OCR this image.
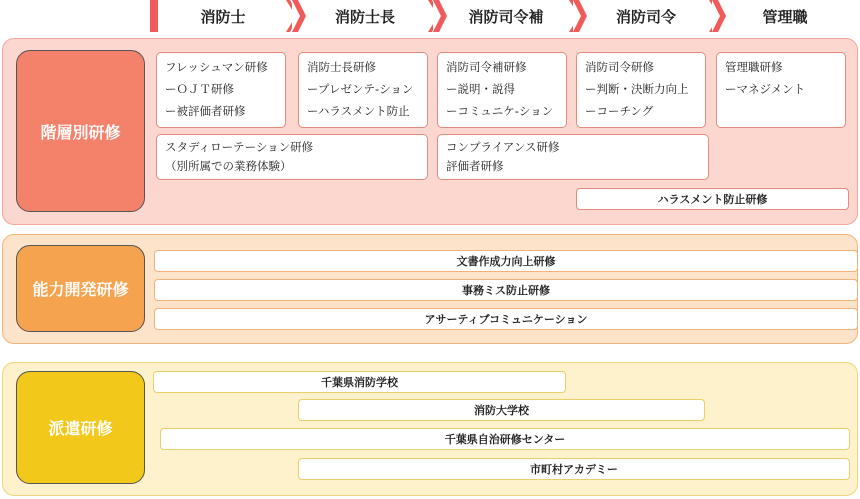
消防士	消防士長	消防司令補	消防司令	管理職
階層別研修
フレッシュマン研修
ーＯＪＴ研修
ー被評価者研修
消防士長研修
ープレゼンテ-ション
ーハラスメント防止
消防司令補研修
ー説明・説得
ーコミュニケ-ション
消防司令研修
ー判断・決断力向上
ーコーチング
管理職研修
ーマネジメント
スタディローテーション研修
（別所属での業務体験）
コンプライアンス研修
評価者研修
ハラスメント防止研修
能力開発研修
文書作成力向上研修
事務ミス防止研修
アサーティブコミュニケーション
派遣研修
千葉県消防学校
消防大学校
千葉県自治研修センター
市町村アカデミー
